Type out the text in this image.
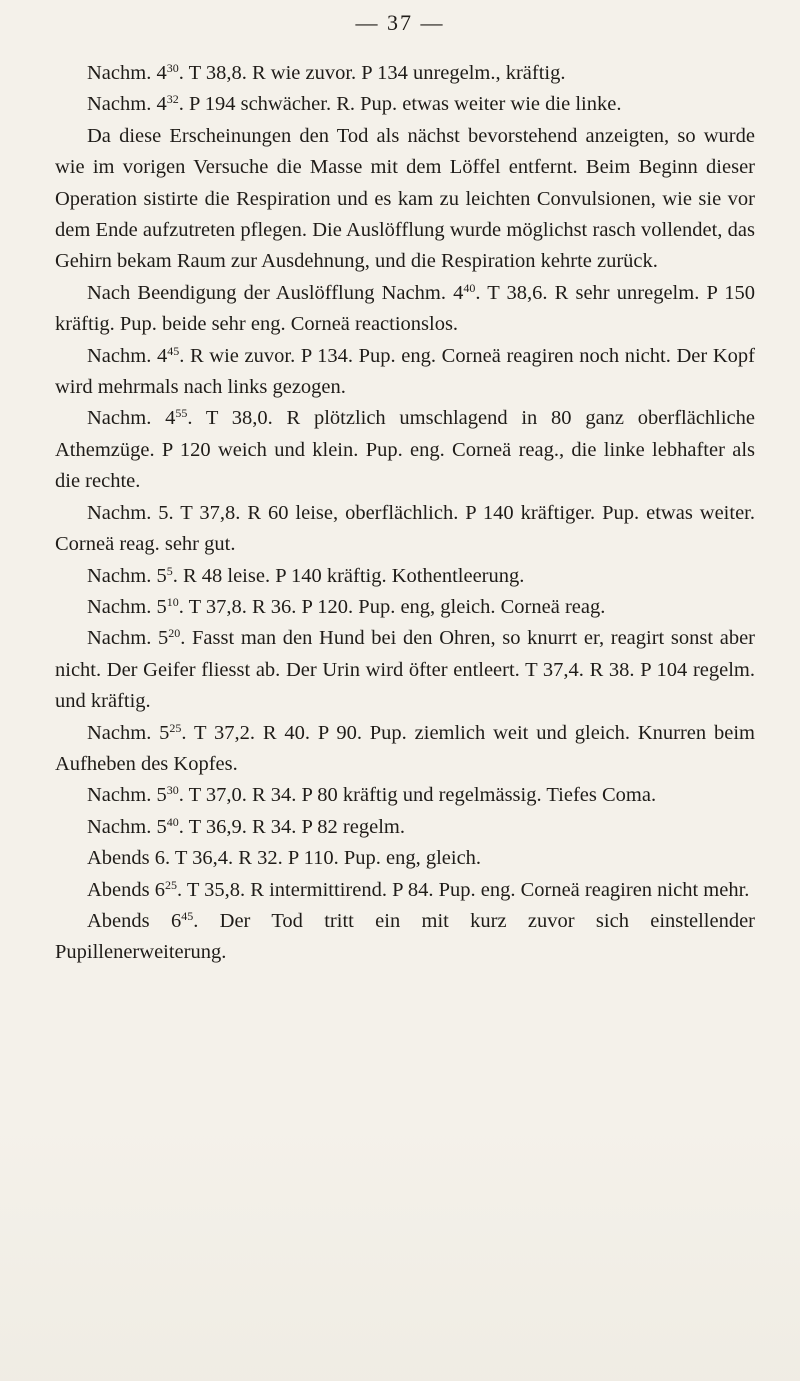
— 37 —

Nachm. $4^{30}$. T 38,8. R wie zuvor. P 134 unregelm., kräftig.

Nachm. $4^{32}$. P 194 schwächer. R. Pup. etwas weiter wie die linke.

Da diese Erscheinungen den Tod als nächst bevorstehend anzeigten, so wurde wie im vorigen Versuche die Masse mit dem Löffel entfernt. Beim Beginn dieser Operation sistirte die Respiration und es kam zu leichten Convulsionen, wie sie vor dem Ende aufzutreten pflegen. Die Auslöfflung wurde möglichst rasch vollendet, das Gehirn bekam Raum zur Ausdehnung, und die Respiration kehrte zurück.

Nach Beendigung der Auslöfflung Nachm. $4^{40}$. T 38,6. R sehr unregelm. P 150 kräftig. Pup. beide sehr eng. Corneä reactionslos.

Nachm. $4^{45}$. R wie zuvor. P 134. Pup. eng. Corneä reagiren noch nicht. Der Kopf wird mehrmals nach links gezogen.

Nachm. $4^{55}$. T 38,0. R plötzlich umschlagend in 80 ganz oberflächliche Athemzüge. P 120 weich und klein. Pup. eng. Corneä reag., die linke lebhafter als die rechte.

Nachm. 5. T 37,8. R 60 leise, oberflächlich. P 140 kräftiger. Pup. etwas weiter. Corneä reag. sehr gut.

Nachm. $5^5$. R 48 leise. P 140 kräftig. Kothentleerung.

Nachm. $5^{10}$. T 37,8. R 36. P 120. Pup. eng, gleich. Corneä reag.

Nachm. $5^{20}$. Fasst man den Hund bei den Ohren, so knurrt er, reagirt sonst aber nicht. Der Geifer fliesst ab. Der Urin wird öfter entleert. T 37,4. R 38. P 104 regelm. und kräftig.

Nachm. $5^{25}$. T 37,2. R 40. P 90. Pup. ziemlich weit und gleich. Knurren beim Aufheben des Kopfes.

Nachm. $5^{30}$. T 37,0. R 34. P 80 kräftig und regelmässig. Tiefes Coma.

Nachm. $5^{40}$. T 36,9. R 34. P 82 regelm.

Abends 6. T 36,4. R 32. P 110. Pup. eng, gleich.

Abends $6^{25}$. T 35,8. R intermittirend. P 84. Pup. eng. Corneä reagiren nicht mehr.

Abends $6^{45}$. Der Tod tritt ein mit kurz zuvor sich einstellender Pupillenerweiterung.
